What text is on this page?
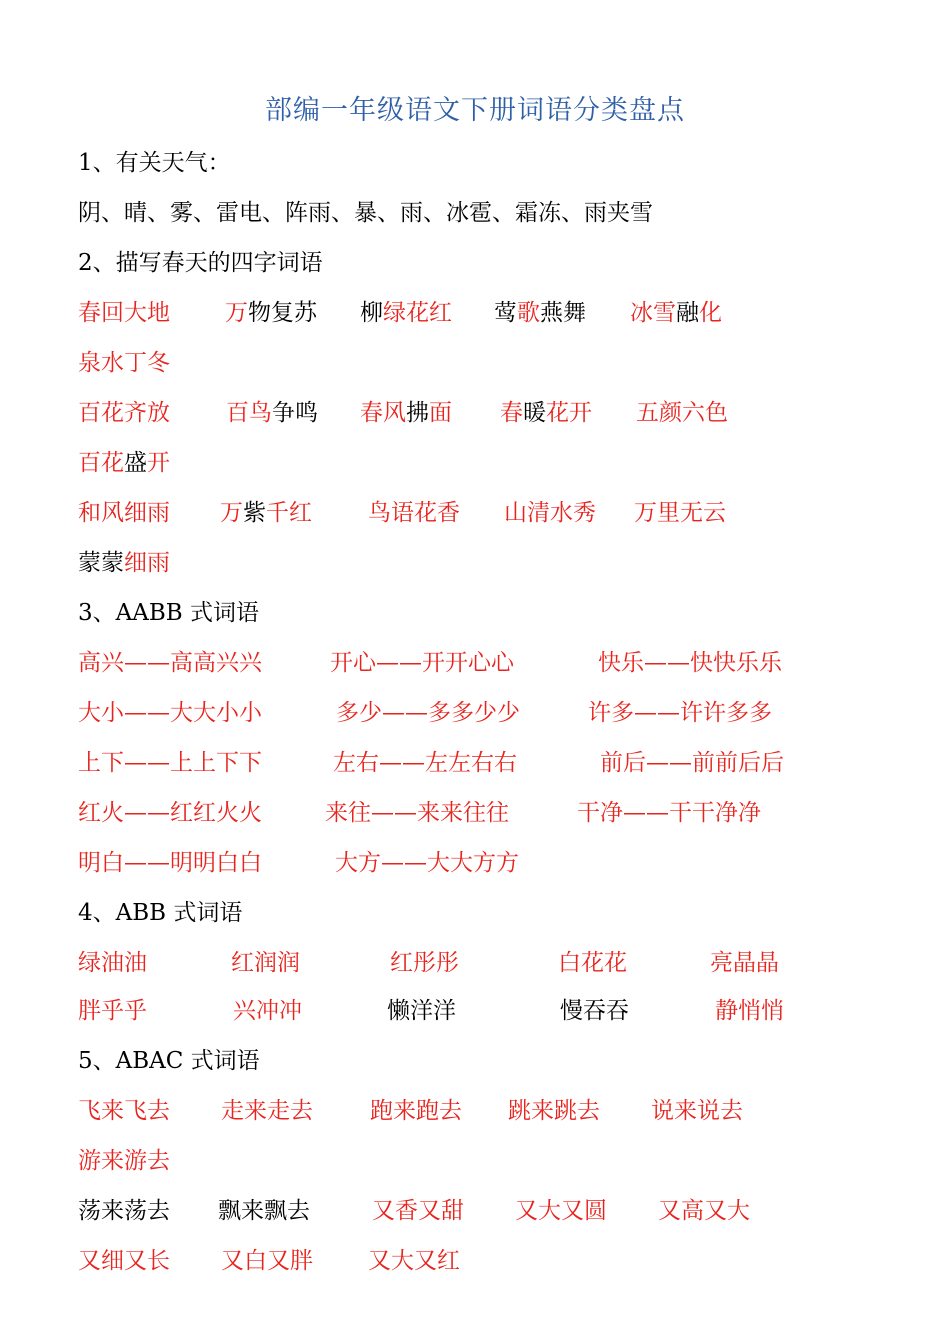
部编一年级语文下册词语分类盘点
1、有关天气：
阴、晴、雾、雷电、阵雨、暴、雨、冰雹、霜冻、雨夹雪
2、描写春天的四字词语
春回大地 万物复苏 柳绿花红 莺歌燕舞 冰雪融化
泉水丁冬
百花齐放 百鸟争鸣 春风拂面 春暖花开 五颜六色
百花盛开
和风细雨 万紫千红 鸟语花香 山清水秀 万里无云
蒙蒙细雨
3、AABB 式词语
高兴——高高兴兴	开心——开开心心	快乐——快快乐乐
大小——大大小小	多少——多多少少	许多——许许多多
上下——上上下下	左右——左左右右	前后——前前后后
红火——红红火火	来往——来来往往	干净——干干净净
明白——明明白白	大方——大大方方
4、ABB 式词语
绿油油	红润润	红彤彤	白花花	亮晶晶
胖乎乎	兴冲冲	懒洋洋	慢吞吞	静悄悄
5、ABAC 式词语
飞来飞去 走来走去 跑来跑去 跳来跳去 说来说去
游来游去
荡来荡去 飘来飘去	又香又甜 又大又圆 又高又大
又细又长 又白又胖 又大又红
